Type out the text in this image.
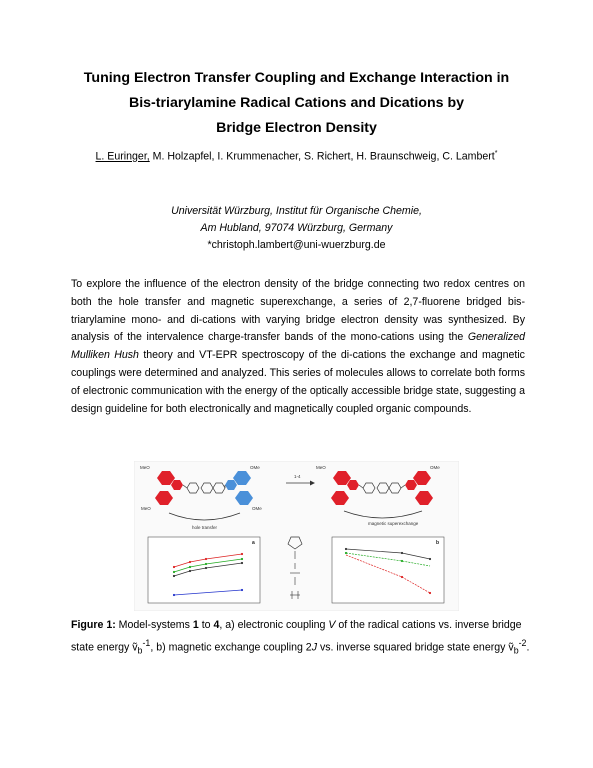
Tuning Electron Transfer Coupling and Exchange Interaction in
Bis-triarylamine Radical Cations and Dications by
Bridge Electron Density
L. Euringer, M. Holzapfel, I. Krummenacher, S. Richert, H. Braunschweig, C. Lambert*
Universität Würzburg, Institut für Organische Chemie,
Am Hubland, 97074 Würzburg, Germany
*christoph.lambert@uni-wuerzburg.de
To explore the influence of the electron density of the bridge connecting two redox centres on both the hole transfer and magnetic superexchange, a series of 2,7-fluorene bridged bis-triarylamine mono- and di-cations with varying bridge electron density was synthesized. By analysis of the intervalence charge-transfer bands of the mono-cations using the Generalized Mulliken Hush theory and VT-EPR spectroscopy of the di-cations the exchange and magnetic couplings were determined and analyzed. This series of molecules allows to correlate both forms of electronic communication with the energy of the optically accessible bridge state, suggesting a design guideline for both electronically and magnetically coupled organic compounds.
MeO
MeO
OMe
OMe
hole transfer
1-4
MeO	OMe
magnetic superexchange
a	b
Figure 1: Model-systems 1 to 4, a) electronic coupling V of the radical cations vs. inverse bridge state energy ṽ$_b^{-1}$, b) magnetic exchange coupling 2J vs. inverse squared bridge state energy ṽ$_b^{-2}$.
